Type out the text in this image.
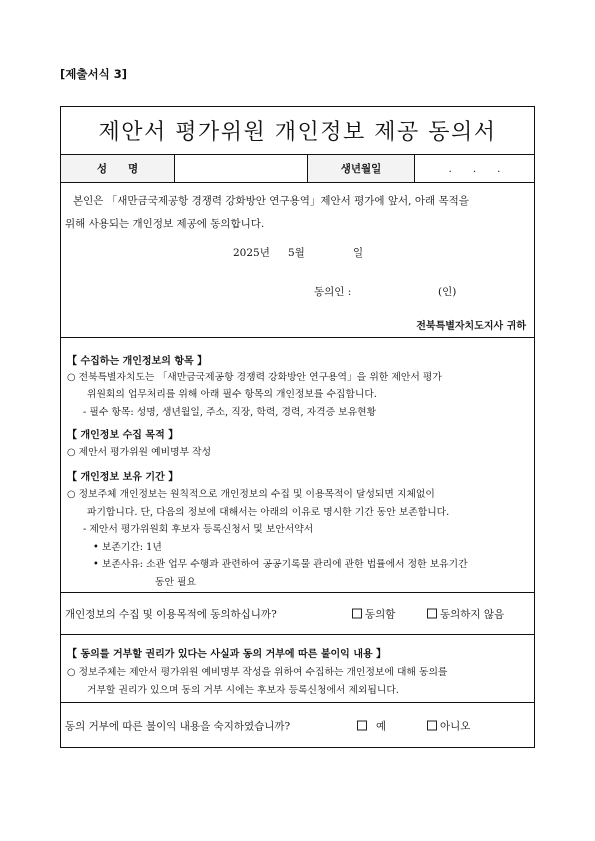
[제출서식 3]
제안서 평가위원 개인정보 제공 동의서
성　　명	생년월일	.　　.　　.
본인은 「새만금국제공항 경쟁력 강화방안 연구용역」제안서 평가에 앞서, 아래 목적을
위해 사용되는 개인정보 제공에 동의합니다.
2025년 5월	일
동의인 :	(인)
전북특별자치도지사 귀하
【 수집하는 개인정보의 항목 】
○ 전북특별자치도는 「새만금국제공항 경쟁력 강화방안 연구용역」을 위한 제안서 평가
위원회의 업무처리를 위해 아래 필수 항목의 개인정보를 수집합니다.
- 필수 항목: 성명, 생년월일, 주소, 직장, 학력, 경력, 자격증 보유현황
【 개인정보 수집 목적 】
○ 제안서 평가위원 예비명부 작성
【 개인정보 보유 기간 】
○ 정보주체 개인정보는 원칙적으로 개인정보의 수집 및 이용목적이 달성되면 지체없이
파기합니다. 단, 다음의 정보에 대해서는 아래의 이유로 명시한 기간 동안 보존합니다.
- 제안서 평가위원회 후보자 등록신청서 및 보안서약서
• 보존기간: 1년
• 보존사유: 소관 업무 수행과 관련하여 공공기록물 관리에 관한 법률에서 정한 보유기간
동안 필요
개인정보의 수집 및 이용목적에 동의하십니까?	동의함	동의하지 않음
【 동의를 거부할 권리가 있다는 사실과 동의 거부에 따른 불이익 내용 】
○ 정보주체는 제안서 평가위원 예비명부 작성을 위하여 수집하는 개인정보에 대해 동의를
거부할 권리가 있으며 동의 거부 시에는 후보자 등록신청에서 제외됩니다.
동의 거부에 따른 불이익 내용을 숙지하였습니까?	예	아니오
